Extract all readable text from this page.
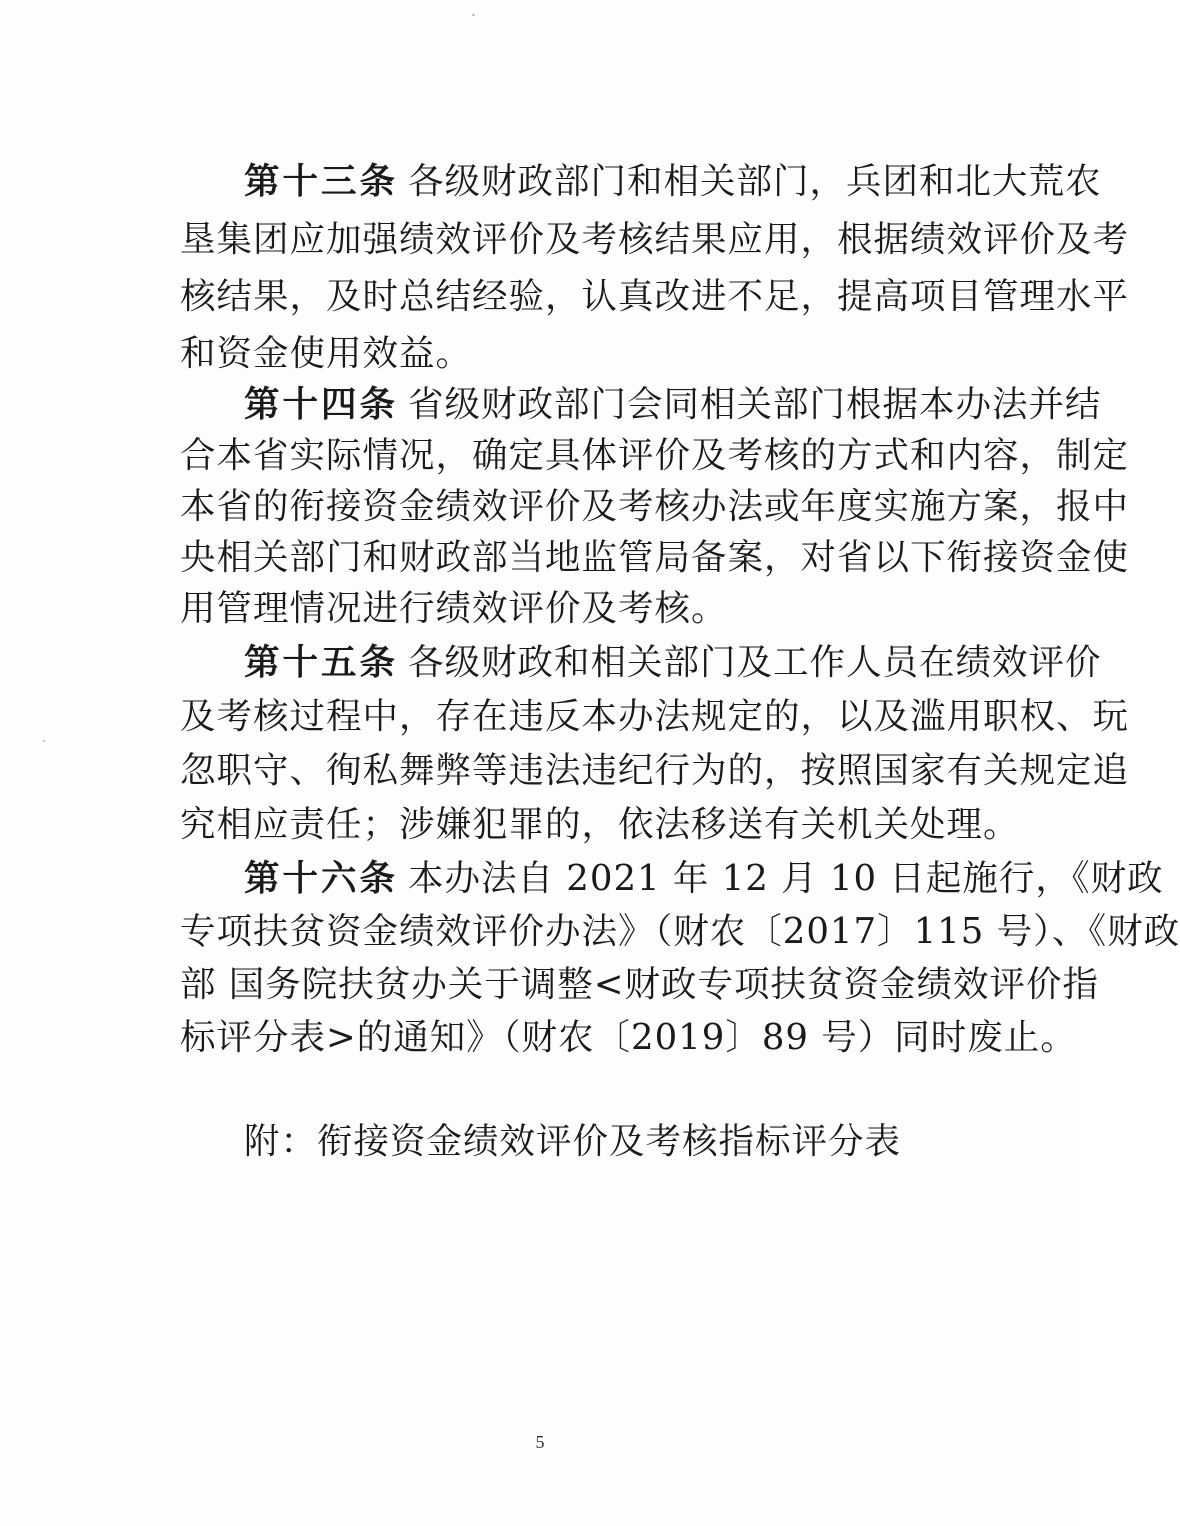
第十三条 各级财政部门和相关部门，兵团和北大荒农
垦集团应加强绩效评价及考核结果应用，根据绩效评价及考
核结果，及时总结经验，认真改进不足，提高项目管理水平
和资金使用效益。
第十四条 省级财政部门会同相关部门根据本办法并结
合本省实际情况，确定具体评价及考核的方式和内容，制定
本省的衔接资金绩效评价及考核办法或年度实施方案，报中
央相关部门和财政部当地监管局备案，对省以下衔接资金使
用管理情况进行绩效评价及考核。
第十五条 各级财政和相关部门及工作人员在绩效评价
及考核过程中，存在违反本办法规定的，以及滥用职权、玩
忽职守、徇私舞弊等违法违纪行为的，按照国家有关规定追
究相应责任；涉嫌犯罪的，依法移送有关机关处理。
第十六条 本办法自 2021 年 12 月 10 日起施行，《财政
专项扶贫资金绩效评价办法》（财农〔2017〕115 号）、《财政
部 国务院扶贫办关于调整<财政专项扶贫资金绩效评价指
标评分表>的通知》（财农〔2019〕89 号）同时废止。
附：衔接资金绩效评价及考核指标评分表
5
